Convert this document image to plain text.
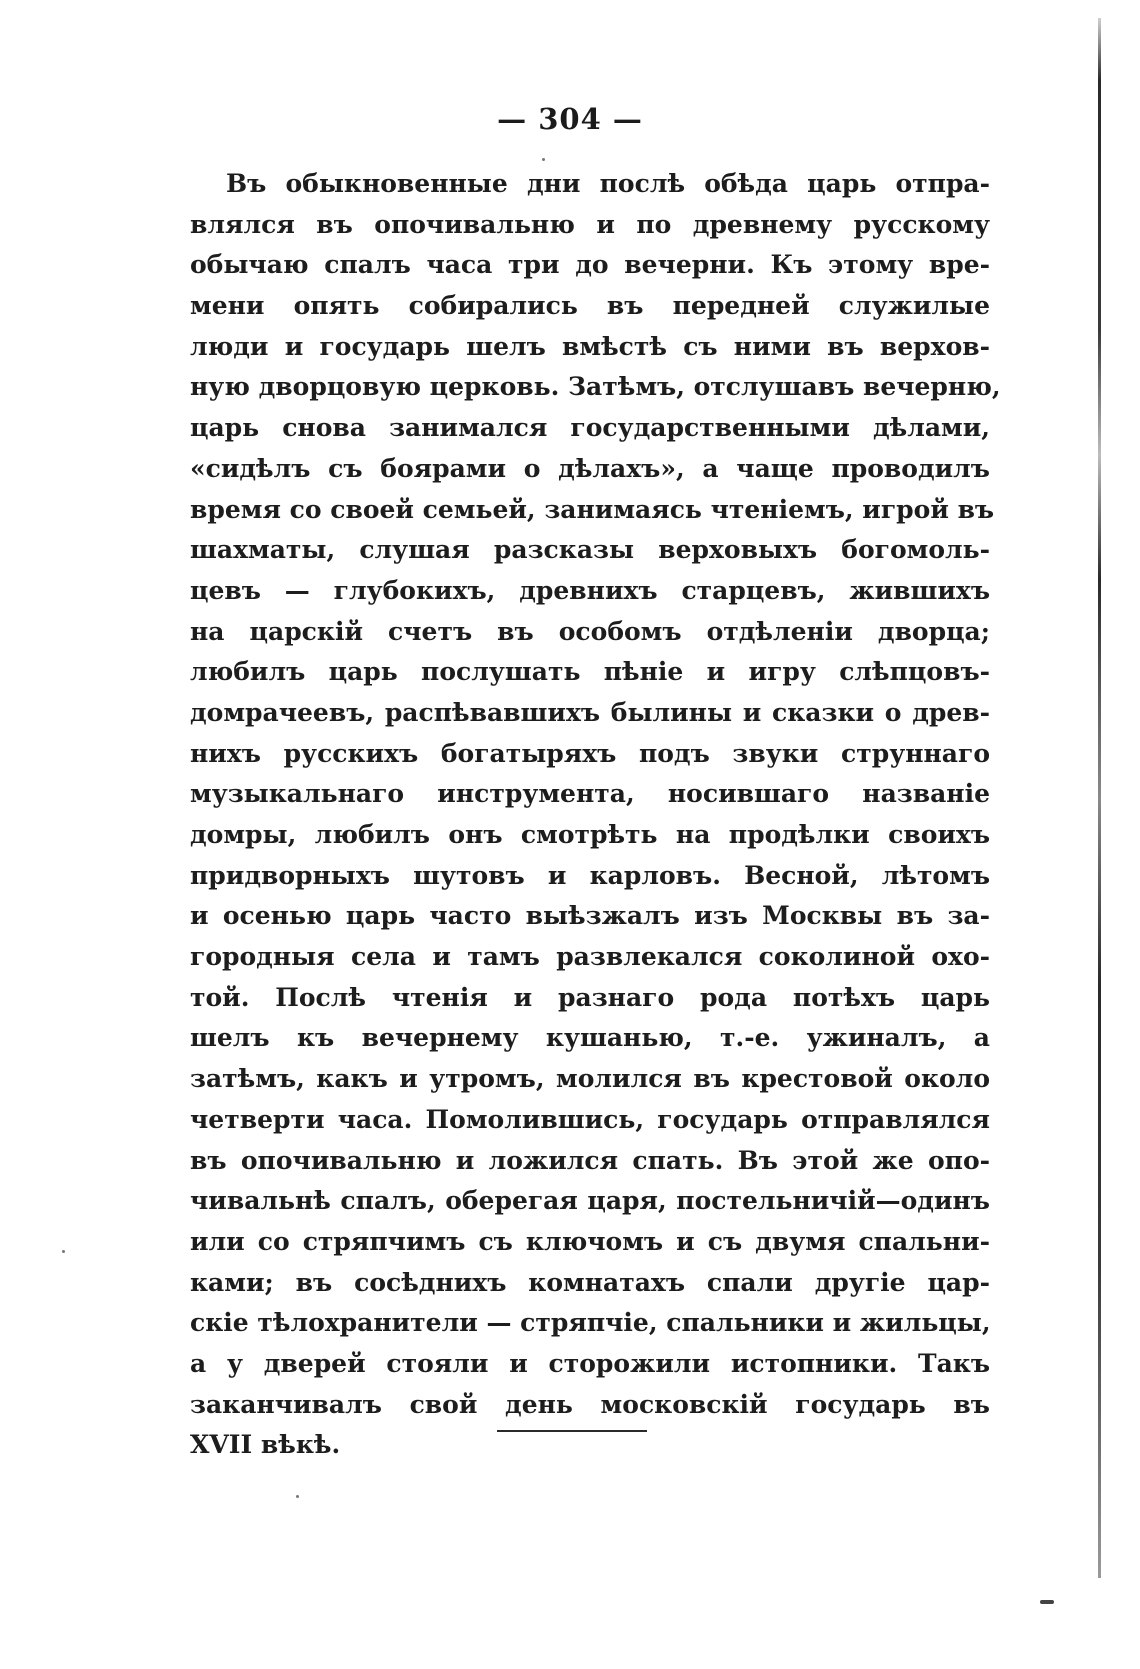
— 304 —
Въ обыкновенные дни послѣ обѣда царь отпра-
влялся въ опочивальню и по древнему русскому
обычаю спалъ часа три до вечерни. Къ этому вре-
мени опять собирались въ передней служилые
люди и государь шелъ вмѣстѣ съ ними въ верхов-
ную дворцовую церковь. Затѣмъ, отслушавъ вечерню,
царь снова занимался государственными дѣлами,
«сидѣлъ съ боярами о дѣлахъ», а чаще проводилъ
время со своей семьей, занимаясь чтеніемъ, игрой въ
шахматы, слушая разсказы верховыхъ богомоль-
цевъ — глубокихъ, древнихъ старцевъ, жившихъ
на царскій счетъ въ особомъ отдѣленіи дворца;
любилъ царь послушать пѣніе и игру слѣпцовъ-
домрачеевъ, распѣвавшихъ былины и сказки о древ-
нихъ русскихъ богатыряхъ подъ звуки струннаго
музыкальнаго инструмента, носившаго названіе
домры, любилъ онъ смотрѣть на продѣлки своихъ
придворныхъ шутовъ и карловъ. Весной, лѣтомъ
и осенью царь часто выѣзжалъ изъ Москвы въ за-
городныя села и тамъ развлекался соколиной охо-
той. Послѣ чтенія и разнаго рода потѣхъ царь
шелъ къ вечернему кушанью, т.-е. ужиналъ, а
затѣмъ, какъ и утромъ, молился въ крестовой около
четверти часа. Помолившись, государь отправлялся
въ опочивальню и ложился спать. Въ этой же опо-
чивальнѣ спалъ, оберегая царя, постельничій—одинъ
или со стряпчимъ съ ключомъ и съ двумя спальни-
ками; въ сосѣднихъ комнатахъ спали другіе цар-
скіе тѣлохранители — стряпчіе, спальники и жильцы,
а у дверей стояли и сторожили истопники. Такъ
заканчивалъ свой день московскій государь въ
XVII вѣкѣ.
